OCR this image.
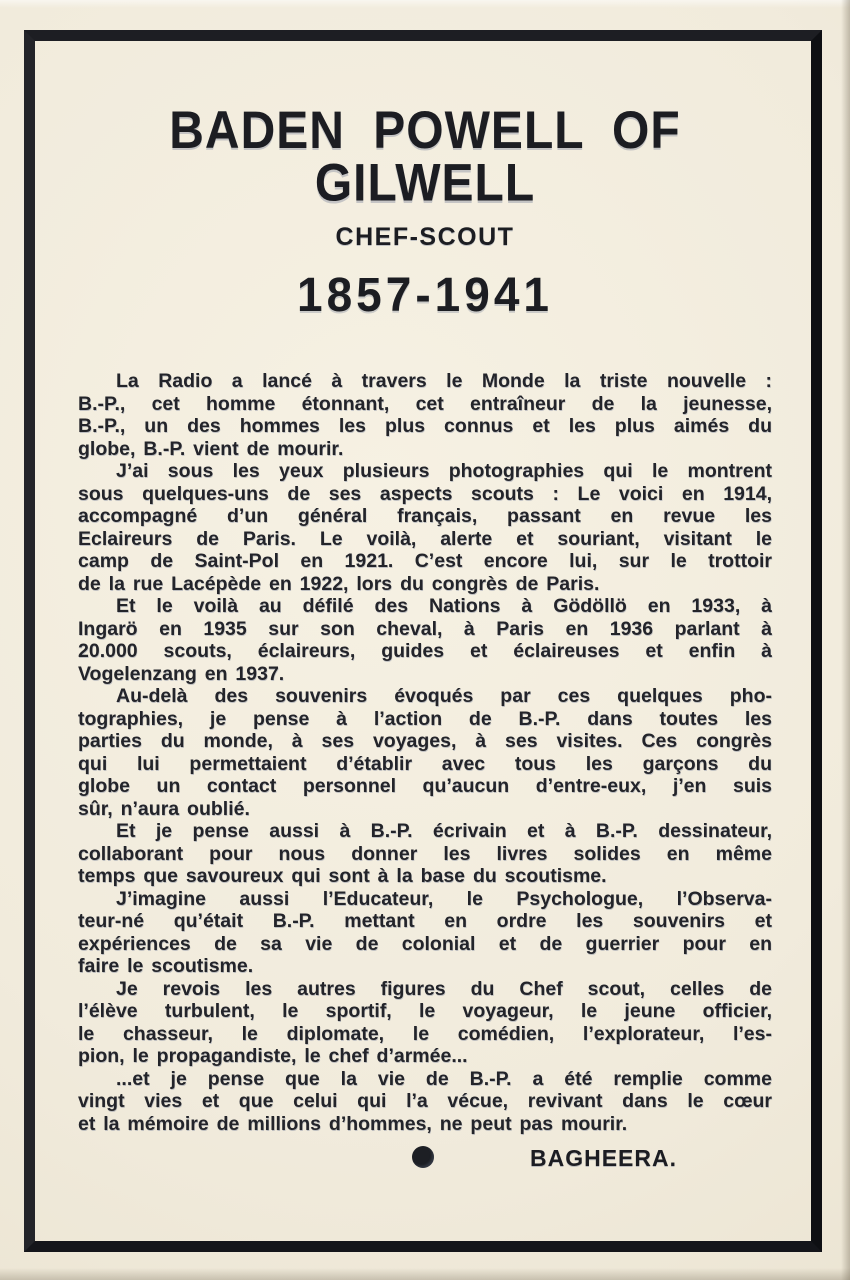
BADEN POWELL OF GILWELL
CHEF-SCOUT
1857-1941

La Radio a lancé à travers le Monde la triste nouvelle :
B.-P., cet homme étonnant, cet entraîneur de la jeunesse,
B.-P., un des hommes les plus connus et les plus aimés du
globe, B.-P. vient de mourir.

J’ai sous les yeux plusieurs photographies qui le montrent
sous quelques-uns de ses aspects scouts : Le voici en 1914,
accompagné d’un général français, passant en revue les
Eclaireurs de Paris. Le voilà, alerte et souriant, visitant le
camp de Saint-Pol en 1921. C’est encore lui, sur le trottoir
de la rue Lacépède en 1922, lors du congrès de Paris.

Et le voilà au défilé des Nations à Gödöllö en 1933, à
Ingarö en 1935 sur son cheval, à Paris en 1936 parlant à
20.000 scouts, éclaireurs, guides et éclaireuses et enfin à
Vogelenzang en 1937.

Au-delà des souvenirs évoqués par ces quelques pho-
tographies, je pense à l’action de B.-P. dans toutes les
parties du monde, à ses voyages, à ses visites. Ces congrès
qui lui permettaient d’établir avec tous les garçons du
globe un contact personnel qu’aucun d’entre-eux, j’en suis
sûr, n’aura oublié.

Et je pense aussi à B.-P. écrivain et à B.-P. dessinateur,
collaborant pour nous donner les livres solides en même
temps que savoureux qui sont à la base du scoutisme.

J’imagine aussi l’Educateur, le Psychologue, l’Observa-
teur-né qu’était B.-P. mettant en ordre les souvenirs et
expériences de sa vie de colonial et de guerrier pour en
faire le scoutisme.

Je revois les autres figures du Chef scout, celles de
l’élève turbulent, le sportif, le voyageur, le jeune officier,
le chasseur, le diplomate, le comédien, l’explorateur, l’es-
pion, le propagandiste, le chef d’armée...

...et je pense que la vie de B.-P. a été remplie comme
vingt vies et que celui qui l’a vécue, revivant dans le cœur
et la mémoire de millions d’hommes, ne peut pas mourir.

BAGHEERA.
